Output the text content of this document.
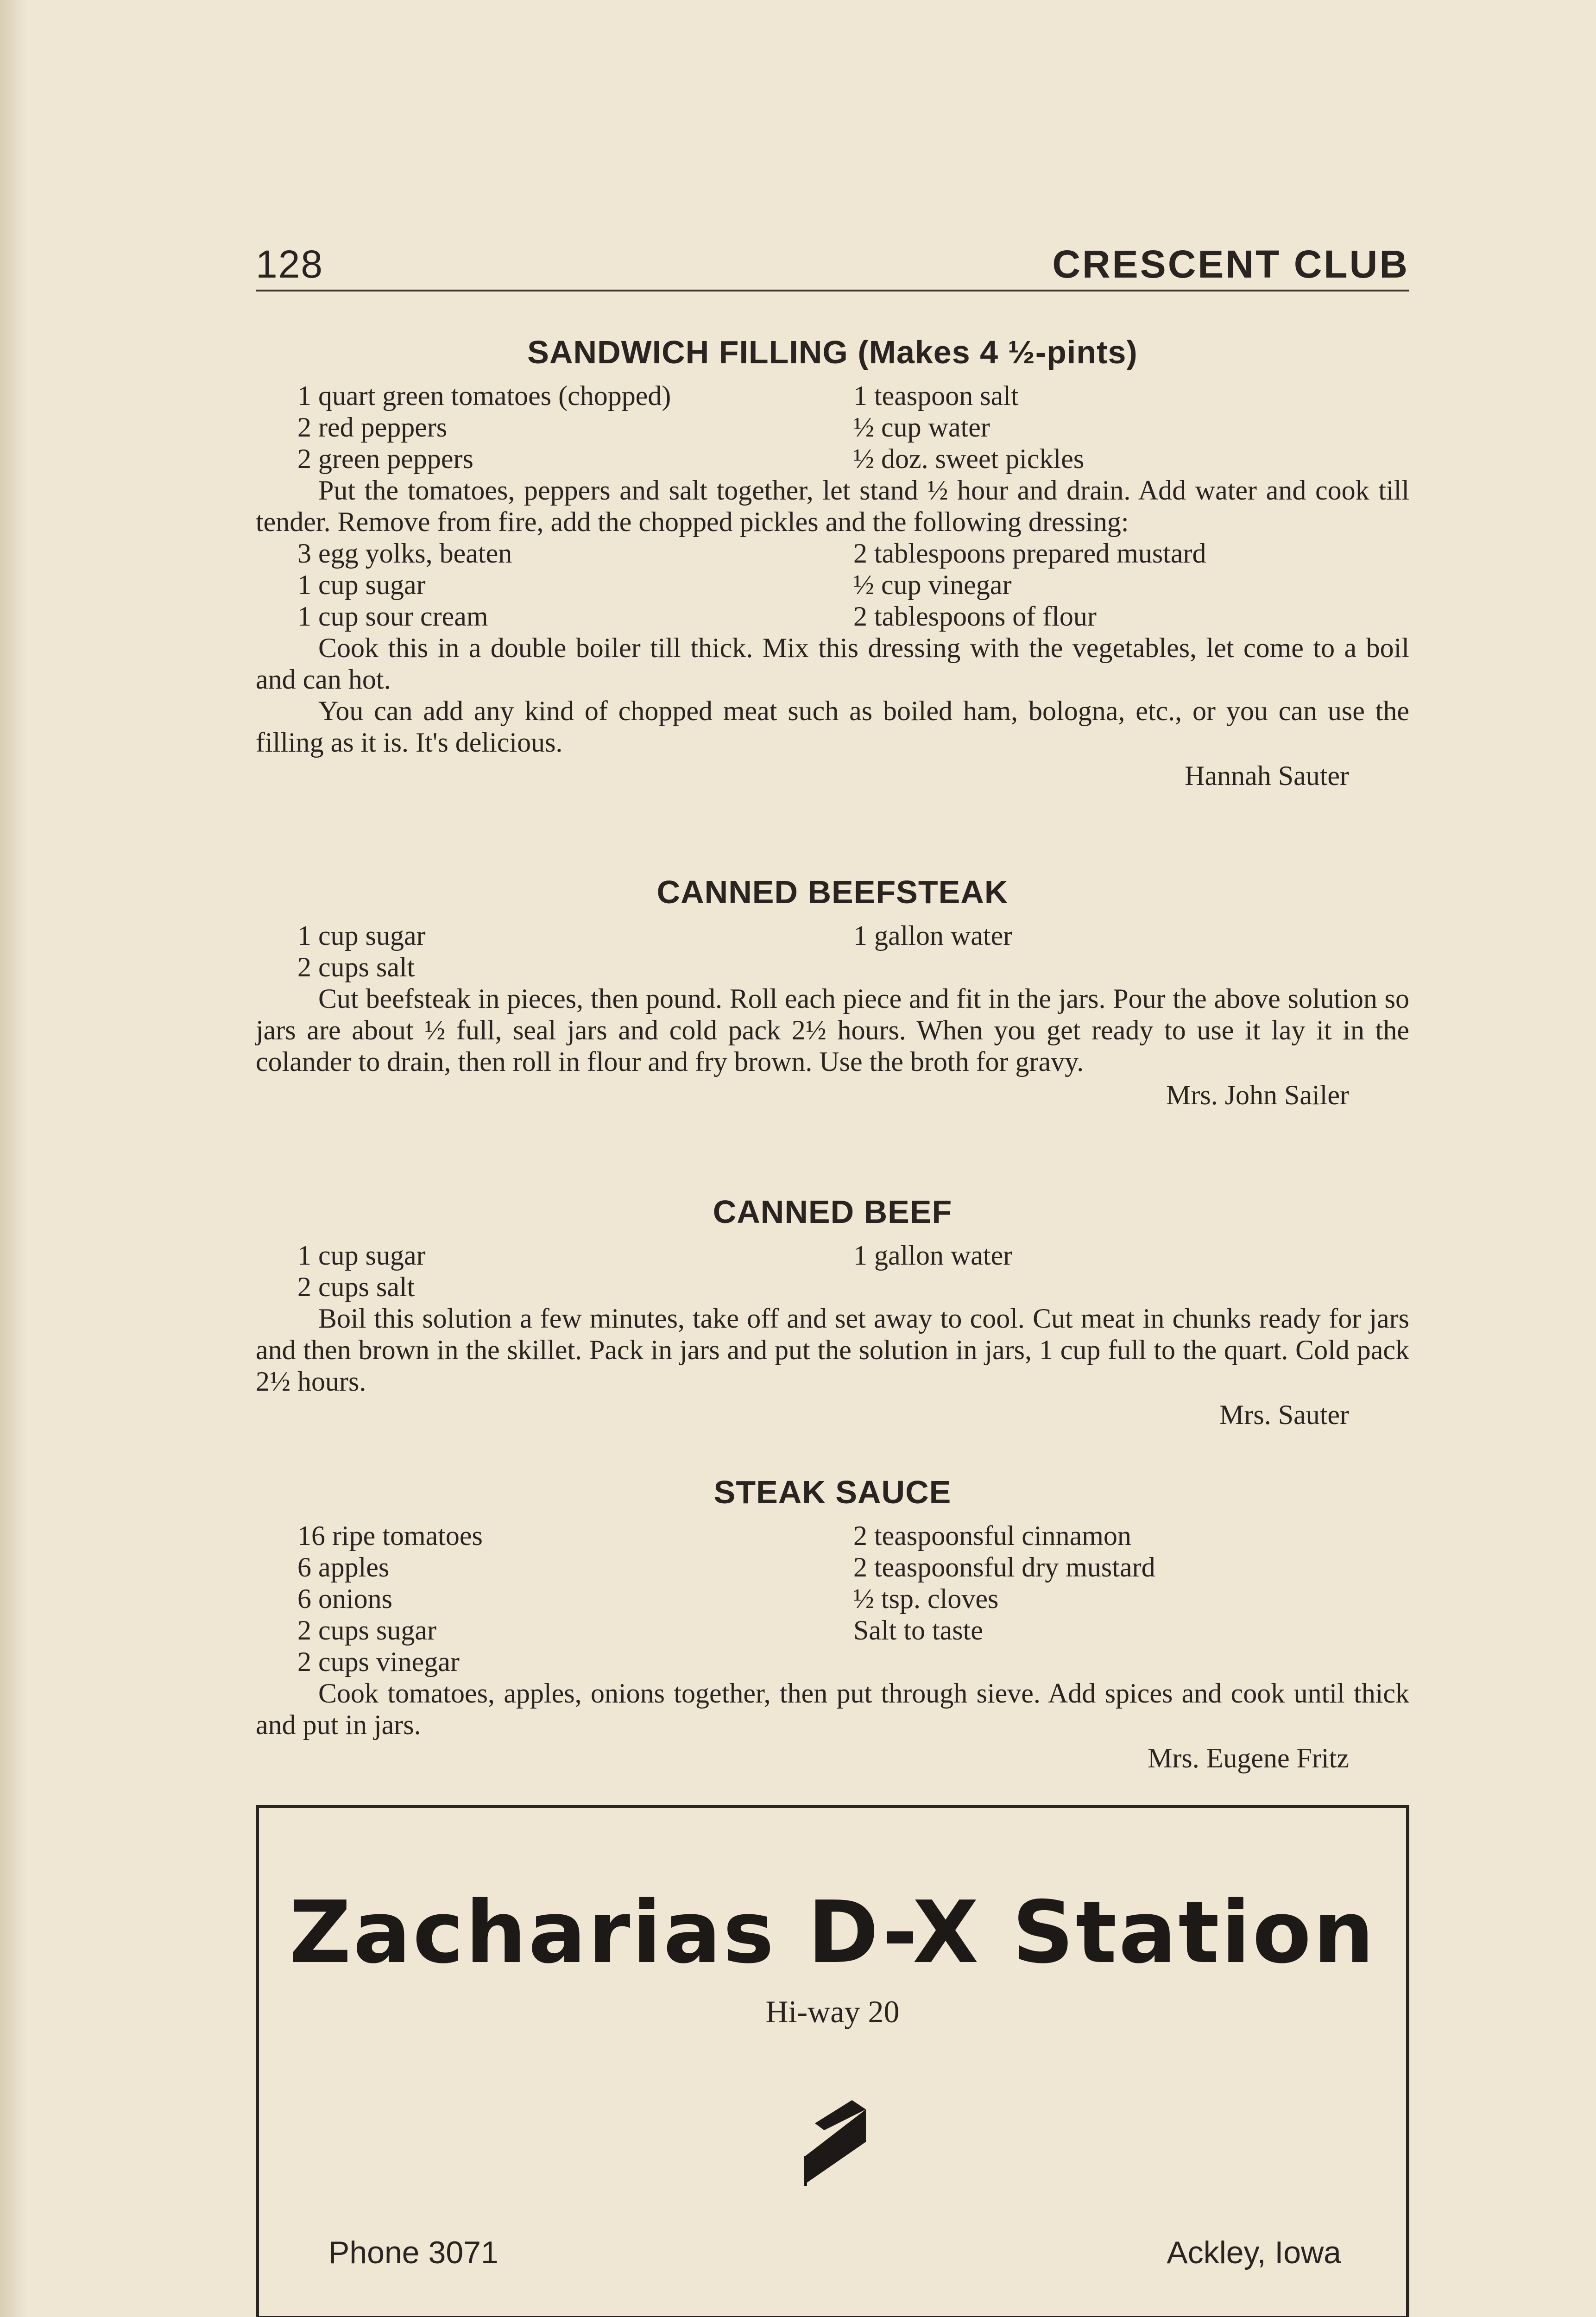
128	CRESCENT CLUB
SANDWICH FILLING (Makes 4 ½-pints)
1 quart green tomatoes (chopped)	1 teaspoon salt
2 red peppers	½ cup water
2 green peppers	½ doz. sweet pickles

Put the tomatoes, peppers and salt together, let stand ½ hour and drain. Add water and cook till tender. Remove from fire, add the chopped pickles and the following dressing:

3 egg yolks, beaten	2 tablespoons prepared mustard
1 cup sugar	½ cup vinegar
1 cup sour cream	2 tablespoons of flour

Cook this in a double boiler till thick. Mix this dressing with the vegetables, let come to a boil and can hot.

You can add any kind of chopped meat such as boiled ham, bologna, etc., or you can use the filling as it is. It's delicious.

Hannah Sauter
CANNED BEEFSTEAK
1 cup sugar	1 gallon water
2 cups salt

Cut beefsteak in pieces, then pound. Roll each piece and fit in the jars. Pour the above solution so jars are about ½ full, seal jars and cold pack 2½ hours. When you get ready to use it lay it in the colander to drain, then roll in flour and fry brown. Use the broth for gravy.

Mrs. John Sailer
CANNED BEEF
1 cup sugar	1 gallon water
2 cups salt

Boil this solution a few minutes, take off and set away to cool. Cut meat in chunks ready for jars and then brown in the skillet. Pack in jars and put the solution in jars, 1 cup full to the quart. Cold pack 2½ hours.

Mrs. Sauter
STEAK SAUCE
16 ripe tomatoes	2 teaspoonsful cinnamon
6 apples	2 teaspoonsful dry mustard
6 onions	½ tsp. cloves
2 cups sugar	Salt to taste
2 cups vinegar

Cook tomatoes, apples, onions together, then put through sieve. Add spices and cook until thick and put in jars.

Mrs. Eugene Fritz
Zacharias D-X Station
Hi-way 20
Phone 3071	Ackley, Iowa
